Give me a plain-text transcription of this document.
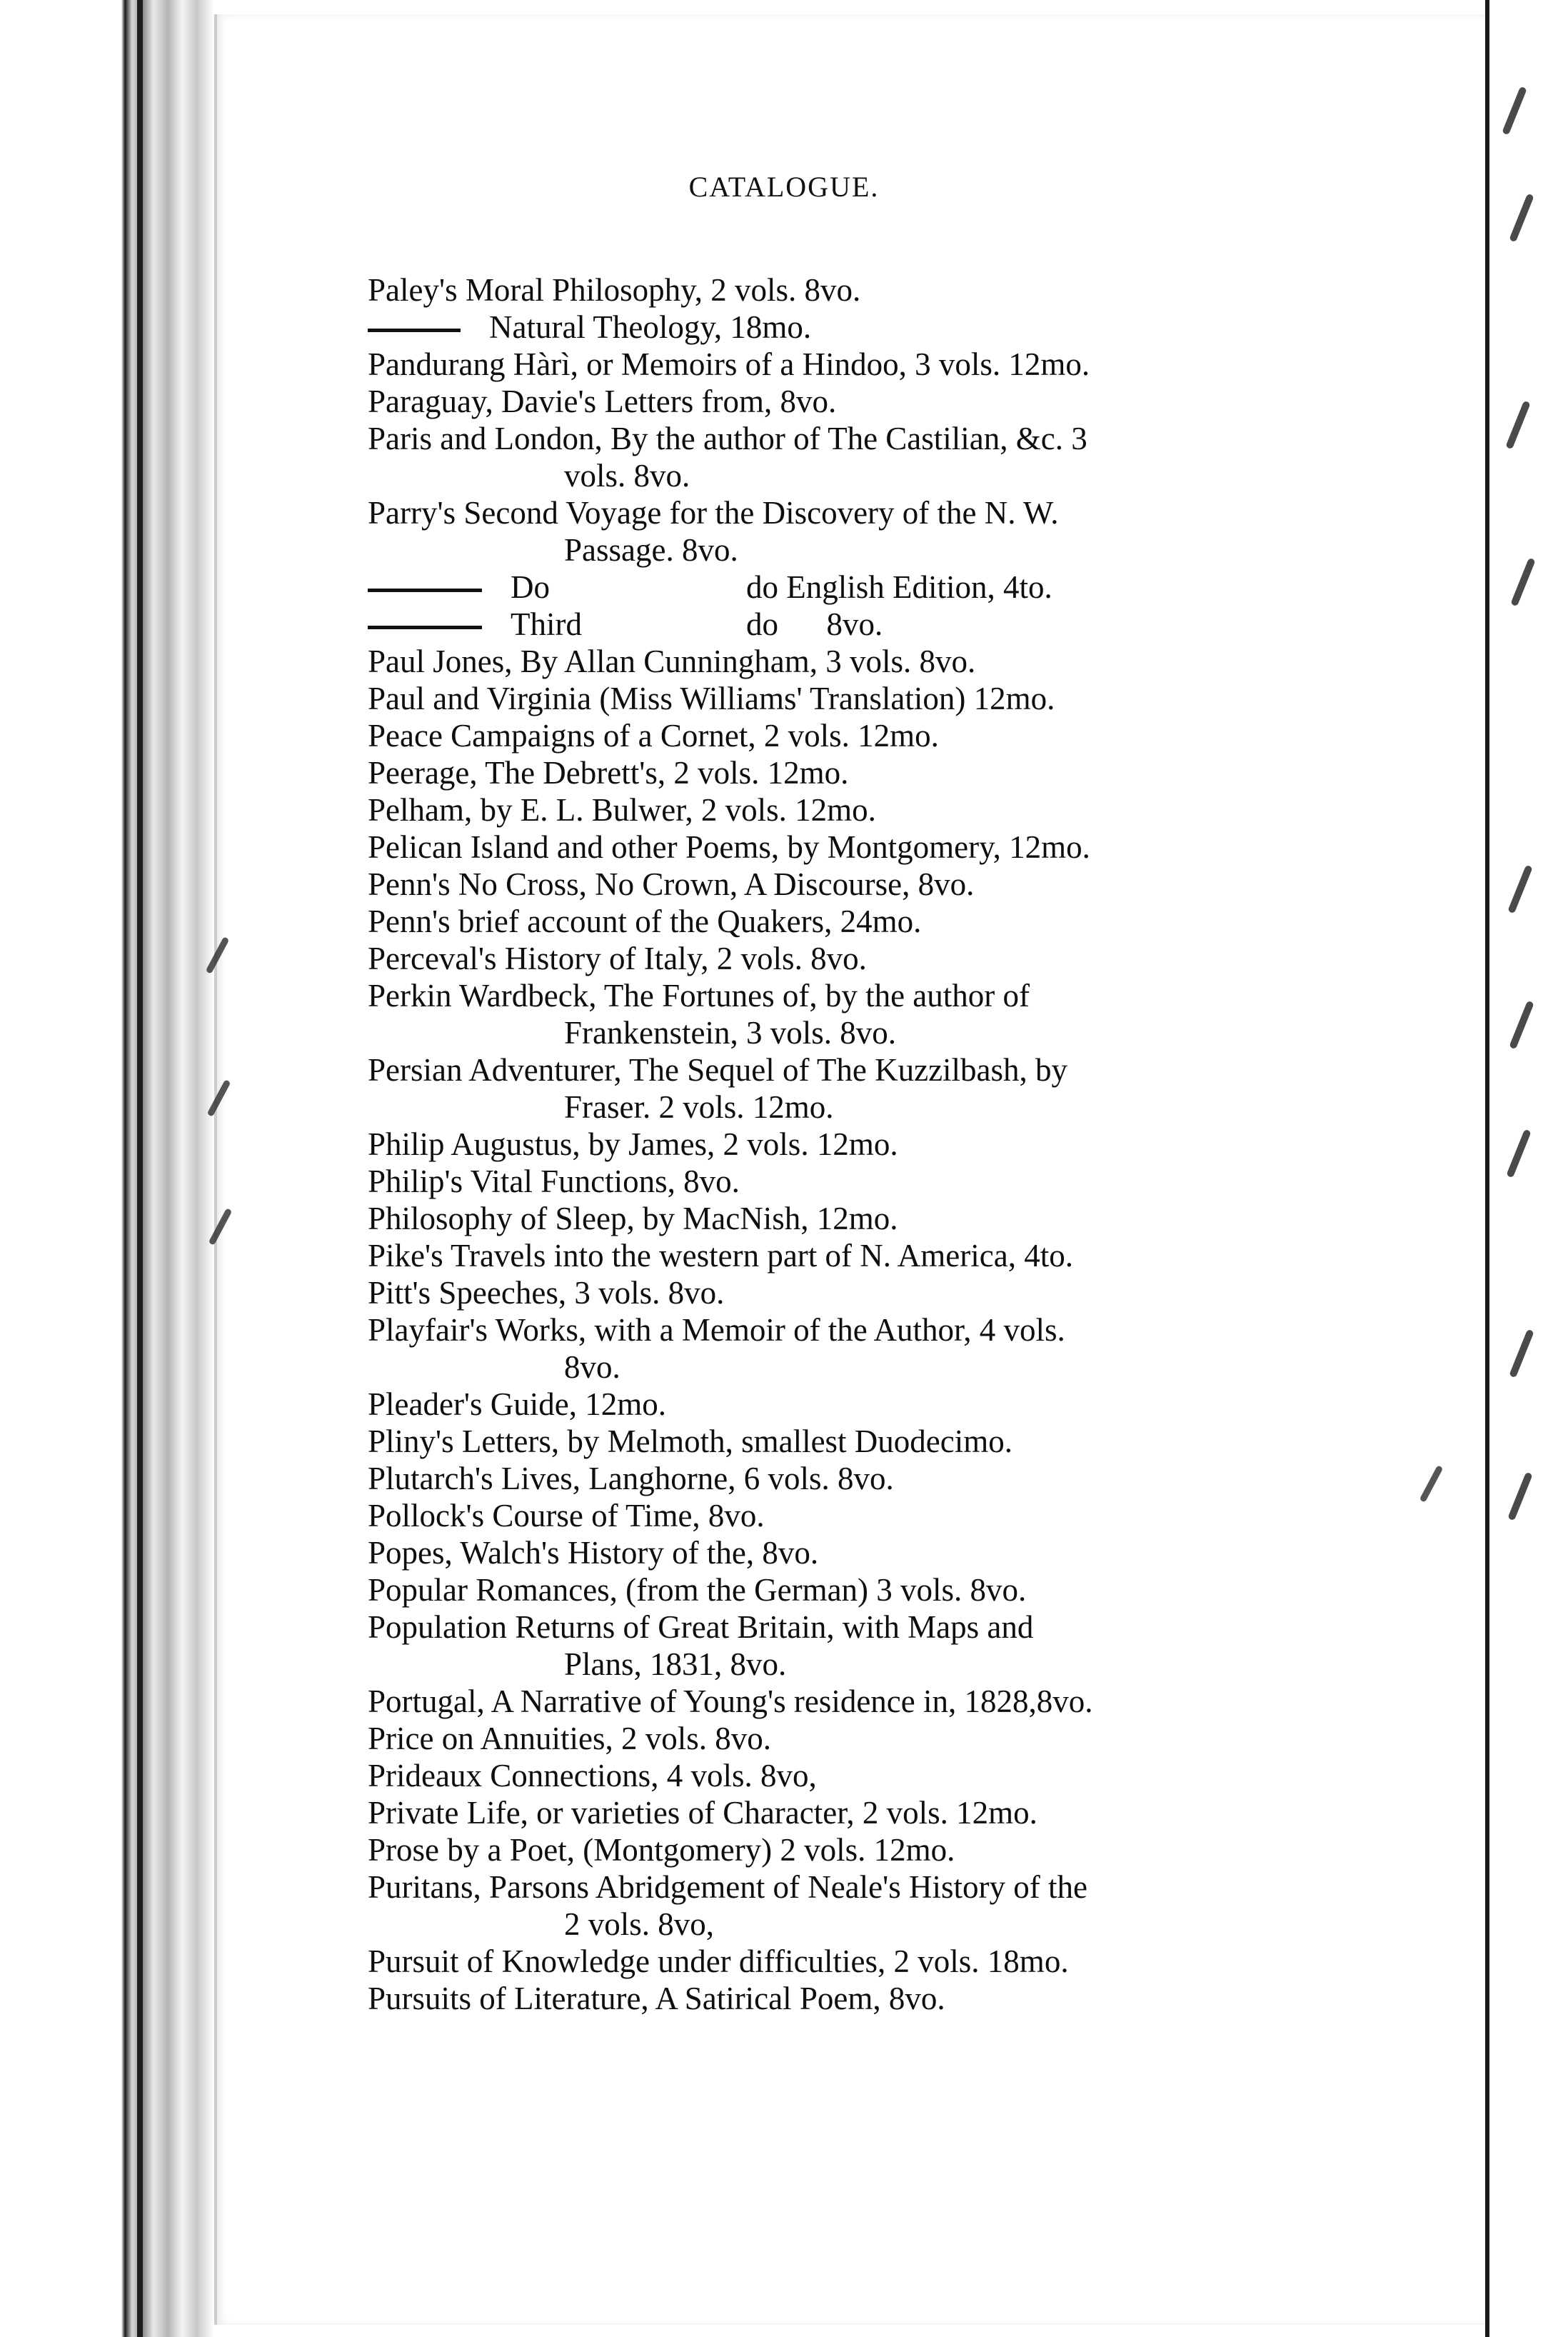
CATALOGUE.
Paley's Moral Philosophy, 2 vols. 8vo.
Natural Theology, 18mo.
Pandurang Hàrì, or Memoirs of a Hindoo, 3 vols. 12mo.
Paraguay, Davie's Letters from, 8vo.
Paris and London, By the author of The Castilian, &c. 3
vols. 8vo.
Parry's Second Voyage for the Discovery of the N. W.
Passage. 8vo.
Do	do English Edition, 4to.
Third	do      8vo.
Paul Jones, By Allan Cunningham, 3 vols. 8vo.
Paul and Virginia (Miss Williams' Translation) 12mo.
Peace Campaigns of a Cornet, 2 vols. 12mo.
Peerage, The Debrett's, 2 vols. 12mo.
Pelham, by E. L. Bulwer, 2 vols. 12mo.
Pelican Island and other Poems, by Montgomery, 12mo.
Penn's No Cross, No Crown, A Discourse, 8vo.
Penn's brief account of the Quakers, 24mo.
Perceval's History of Italy, 2 vols. 8vo.
Perkin Wardbeck, The Fortunes of, by the author of
Frankenstein, 3 vols. 8vo.
Persian Adventurer, The Sequel of The Kuzzilbash, by
Fraser. 2 vols. 12mo.
Philip Augustus, by James, 2 vols. 12mo.
Philip's Vital Functions, 8vo.
Philosophy of Sleep, by MacNish, 12mo.
Pike's Travels into the western part of N. America, 4to.
Pitt's Speeches, 3 vols. 8vo.
Playfair's Works, with a Memoir of the Author, 4 vols.
8vo.
Pleader's Guide, 12mo.
Pliny's Letters, by Melmoth, smallest Duodecimo.
Plutarch's Lives, Langhorne, 6 vols. 8vo.
Pollock's Course of Time, 8vo.
Popes, Walch's History of the, 8vo.
Popular Romances, (from the German) 3 vols. 8vo.
Population Returns of Great Britain, with Maps and
Plans, 1831, 8vo.
Portugal, A Narrative of Young's residence in, 1828,8vo.
Price on Annuities, 2 vols. 8vo.
Prideaux Connections, 4 vols. 8vo,
Private Life, or varieties of Character, 2 vols. 12mo.
Prose by a Poet, (Montgomery) 2 vols. 12mo.
Puritans, Parsons Abridgement of Neale's History of the
2 vols. 8vo,
Pursuit of Knowledge under difficulties, 2 vols. 18mo.
Pursuits of Literature, A Satirical Poem, 8vo.
